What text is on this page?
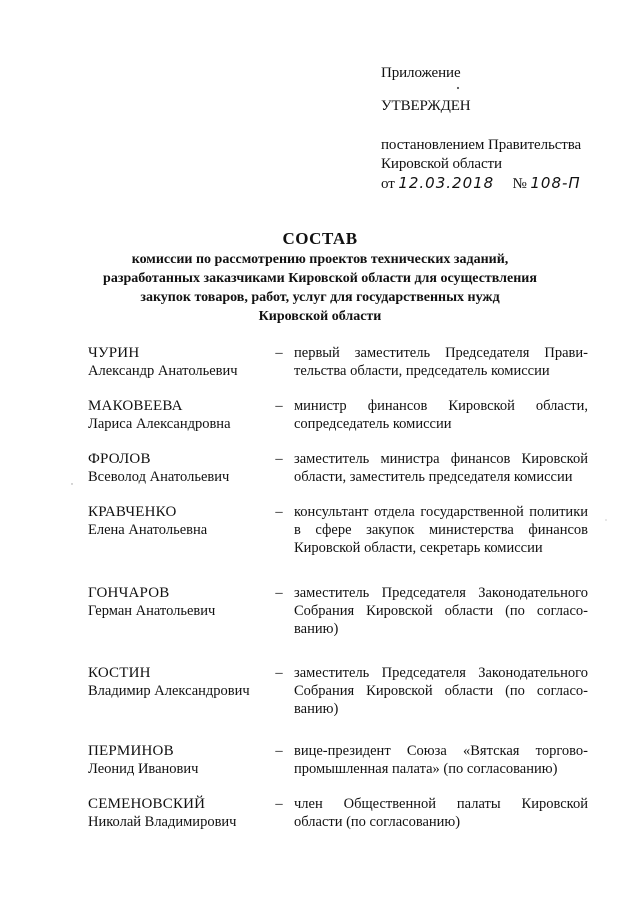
Приложение
УТВЕРЖДЕН
постановлением Правительства
Кировской области
от 12.03.2018 № 108-П
СОСТАВ
комиссии по рассмотрению проектов технических заданий,
разработанных заказчиками Кировской области для осуществления
закупок товаров, работ, услуг для государственных нужд
Кировской области
ЧУРИН
Александр Анатольевич
– первый заместитель Председателя Прави-тельства области, председатель комиссии
МАКОВЕЕВА
Лариса Александровна
– министр финансов Кировской области, сопредседатель комиссии
ФРОЛОВ
Всеволод Анатольевич
– заместитель министра финансов Кировской области, заместитель председателя комиссии
КРАВЧЕНКО
Елена Анатольевна
– консультант отдела государственной политики в сфере закупок министерства финансов Кировской области, секретарь комиссии
ГОНЧАРОВ
Герман Анатольевич
– заместитель Председателя Законодательного Собрания Кировской области (по согласо-ванию)
КОСТИН
Владимир Александрович
– заместитель Председателя Законодательного Собрания Кировской области (по согласо-ванию)
ПЕРМИНОВ
Леонид Иванович
– вице-президент Союза «Вятская торгово-промышленная палата» (по согласованию)
СЕМЕНОВСКИЙ
Николай Владимирович
– член Общественной палаты Кировской области (по согласованию)
